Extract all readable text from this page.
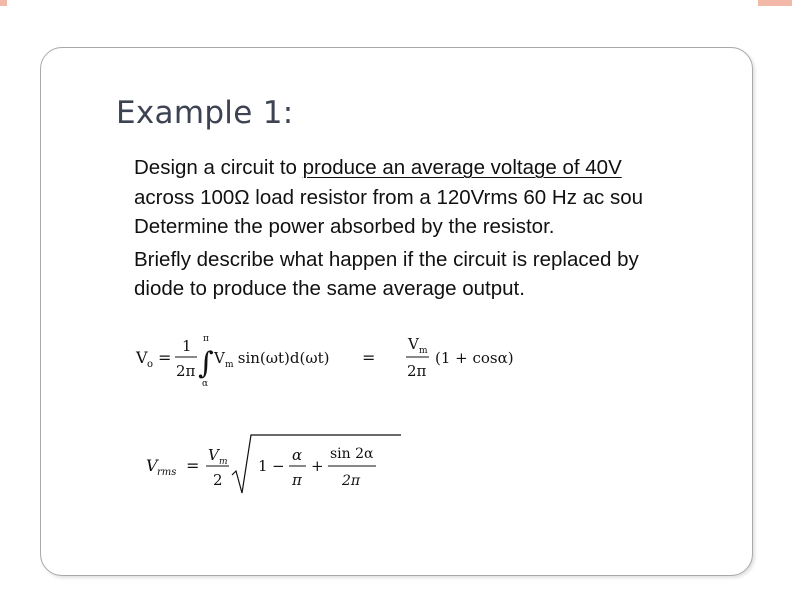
Example 1:
Design a circuit to produce an average voltage of 40V
across 100Ω load resistor from a 120Vrms 60 Hz ac sou
Determine the power absorbed by the resistor.
Briefly describe what happen if the circuit is replaced by
diode to produce the same average output.
V o =
1
2π
π
∫
α
V m sin(ωt)d(ωt) =
V m
2π
(1 + cosα)
V rms =
V m
2
1 −
α
π
+
sin 2α
2π
